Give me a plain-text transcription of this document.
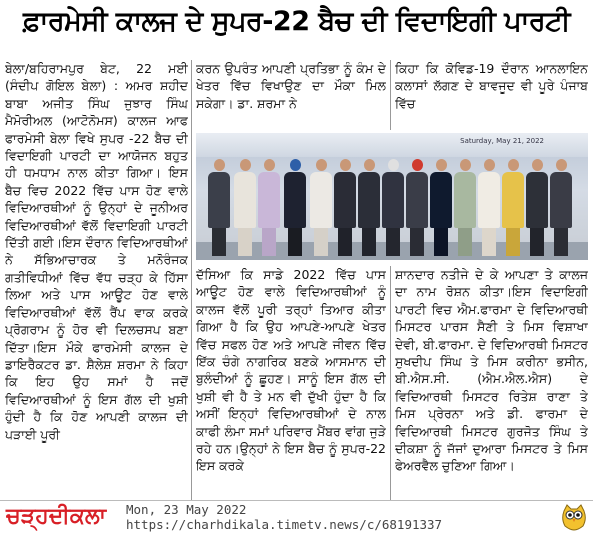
ਫ਼ਾਰਮੇਸੀ ਕਾਲਜ ਦੇ ਸੁਪਰ-22 ਬੈਚ ਦੀ ਵਿਦਾਇਗੀ ਪਾਰਟੀ

ਬੇਲਾ/ਬਹਿਰਾਮਪੁਰ ਬੇਟ, 22 ਮਈ (ਸੰਦੀਪ ਗੋਇਲ ਬੇਲਾ) : ਅਮਰ ਸ਼ਹੀਦ ਬਾਬਾ ਅਜੀਤ ਸਿੰਘ ਜੁਝਾਰ ਸਿੰਘ ਮੈਮੋਰੀਅਲ (ਆਟੋਨੋਮਸ) ਕਾਲਜ ਆਫ ਫਾਰਮੇਸੀ ਬੇਲਾ ਵਿਖੇ ਸੁਪਰ -22 ਬੈਚ ਦੀ ਵਿਦਾਇਗੀ ਪਾਰਟੀ ਦਾ ਆਯੋਜਨ ਬਹੁਤ ਹੀ ਧਮਧਾਮ ਨਾਲ ਕੀਤਾ ਗਿਆ। ਇਸ ਬੈਚ ਵਿਚ 2022 ਵਿੱਚ ਪਾਸ ਹੋਣ ਵਾਲੇ ਵਿਦਿਆਰਥੀਆਂ ਨੂੰ ਉਨ੍ਹਾਂ ਦੇ ਜੂਨੀਅਰ ਵਿਦਿਆਰਥੀਆਂ ਵੱਲੋਂ ਵਿਦਾਇਗੀ ਪਾਰਟੀ ਦਿੱਤੀ ਗਈ।ਇਸ ਦੌਰਾਨ ਵਿਦਿਆਰਥੀਆਂ ਨੇ ਸੱਭਿਆਚਾਰਕ ਤੇ ਮਨੋਰੰਜਕ ਗਤੀਵਿਧੀਆਂ ਵਿੱਚ ਵੱਧ ਚੜ੍ਹ ਕੇ ਹਿੱਸਾ ਲਿਆ ਅਤੇ ਪਾਸ ਆਊਟ ਹੋਣ ਵਾਲੇ ਵਿਦਿਆਰਥੀਆਂ ਵੱਲੋਂ ਰੈਂਪ ਵਾਕ ਕਰਕੇ ਪ੍ਰੋਗਰਾਮ ਨੂੰ ਹੋਰ ਵੀ ਦਿਲਚਸਪ ਬਣਾ ਦਿੱਤਾ।ਇਸ ਮੌਕੇ ਫਾਰਮੇਸੀ ਕਾਲਜ ਦੇ ਡਾਇਰੈਕਟਰ ਡਾ. ਸ਼ੈਲੇਸ਼ ਸ਼ਰਮਾ ਨੇ ਕਿਹਾ ਕਿ ਇਹ ਉਹ ਸਮਾਂ ਹੈ ਜਦੋਂ ਵਿਦਿਆਰਥੀਆਂ ਨੂੰ ਇਸ ਗੱਲ ਦੀ ਖੁਸ਼ੀ ਹੁੰਦੀ ਹੈ ਕਿ ਹੋਣ ਆਪਣੀ ਕਾਲਜ ਦੀ ਪੜਾਈ ਪੂਰੀ

ਕਰਨ ਉਪਰੰਤ ਆਪਣੀ ਪ੍ਰਤਿਭਾ ਨੂੰ ਕੰਮ ਦੇ ਖੇਤਰ ਵਿੱਚ ਵਿਖਾਉਣ ਦਾ ਮੌਕਾ ਮਿਲ ਸਕੇਗਾ। ਡਾ. ਸ਼ਰਮਾ ਨੇ

ਕਿਹਾ ਕਿ ਕੋਵਿਡ-19 ਦੌਰਾਨ ਆਨਲਾਇਨ ਕਲਾਸਾਂ ਲੱਗਣ ਦੇ ਬਾਵਜੂਦ ਵੀ ਪੂਰੇ ਪੰਜਾਬ ਵਿੱਚ

Saturday, May 21, 2022

ਦੱਸਿਆ ਕਿ ਸਾਡੇ 2022 ਵਿੱਚ ਪਾਸ ਆਊਟ ਹੋਣ ਵਾਲੇ ਵਿਦਿਆਰਥੀਆਂ ਨੂੰ ਕਾਲਜ ਵੱਲੋਂ ਪੂਰੀ ਤਰ੍ਹਾਂ ਤਿਆਰ ਕੀਤਾ ਗਿਆ ਹੈ ਕਿ ਉਹ ਆਪਣੇ-ਆਪਣੇ ਖੇਤਰ ਵਿੱਚ ਸਫਲ ਹੋਣ ਅਤੇ ਆਪਣੇ ਜੀਵਨ ਵਿੱਚ ਇੱਕ ਚੰਗੇ ਨਾਗਰਿਕ ਬਣਕੇ ਆਸਮਾਨ ਦੀ ਬੁਲੰਦੀਆਂ ਨੂੰ ਛੂਹਣ। ਸਾਨੂੰ ਇਸ ਗੱਲ ਦੀ ਖੁਸ਼ੀ ਵੀ ਹੈ ਤੇ ਮਨ ਵੀ ਦੁੱਖੀ ਹੁੰਦਾ ਹੈ ਕਿ ਅਸੀਂ ਇਨ੍ਹਾਂ ਵਿਦਿਆਰਥੀਆਂ ਦੇ ਨਾਲ ਕਾਫੀ ਲੰਮਾ ਸਮਾਂ ਪਰਿਵਾਰ ਮੈਂਬਰ ਵਾਂਗ ਜੁੜੇ ਰਹੇ ਹਨ।ਉਨ੍ਹਾਂ ਨੇ ਇਸ ਬੈਚ ਨੂੰ ਸੁਪਰ-22 ਇਸ ਕਰਕੇ

ਸ਼ਾਨਦਾਰ ਨਤੀਜੇ ਦੇ ਕੇ ਆਪਣਾ ਤੇ ਕਾਲਜ ਦਾ ਨਾਮ ਰੋਸ਼ਨ ਕੀਤਾ।ਇਸ ਵਿਦਾਇਗੀ ਪਾਰਟੀ ਵਿਚ ਐਮ.ਫਾਰਮਾ ਦੇ ਵਿਦਿਆਰਥੀ ਮਿਸਟਰ ਪਾਰਸ ਸੈਣੀ ਤੇ ਮਿਸ ਵਿਸ਼ਾਖਾ ਦੇਵੀ, ਬੀ.ਫਾਰਮਾ. ਦੇ ਵਿਦਿਆਰਥੀ ਮਿਸਟਰ ਸੁਖਦੀਪ ਸਿੰਘ ਤੇ ਮਿਸ ਕਰੀਨਾ ਭਸੀਨ, ਬੀ.ਐਸ.ਸੀ. (ਐਮ.ਐਲ.ਐਸ) ਦੇ ਵਿਦਿਆਰਥੀ ਮਿਸਟਰ ਰਿਤੇਸ਼ ਰਾਣਾ ਤੇ ਮਿਸ ਪ੍ਰੇਰਨਾ ਅਤੇ ਡੀ. ਫਾਰਮਾ ਦੇ ਵਿਦਿਆਰਥੀ ਮਿਸਟਰ ਗੁਰਜੋਤ ਸਿੰਘ ਤੇ ਦੀਕਸ਼ਾ ਨੂੰ ਜੱਜਾਂ ਦੁਆਰਾ ਮਿਸਟਰ ਤੇ ਮਿਸ ਫੇਅਰਵੈਲ ਚੁਣਿਆ ਗਿਆ।

ਚੜ੍ਹਦੀਕਲਾ	Mon, 23 May 2022
https://charhdikala.timetv.news/c/68191337
